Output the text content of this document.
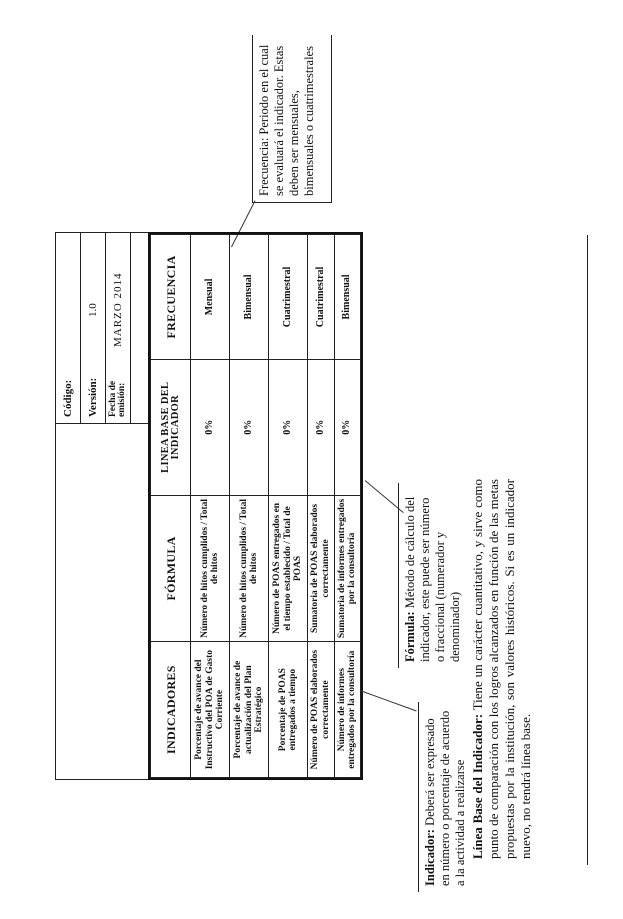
Frecuencia: Periodo en el cual se evaluará el indicador. Estas deben ser mensuales, bimensuales o cuatrimestrales
Código: Versión:
1.0
Fecha de emisión:
MARZO 2014
INDICADORES	FÓRMULA	LINEA BASE DEL INDICADOR	FRECUENCIA
Porcentaje de avance del Instructivo del POA de Gasto Corriente	Número de hitos cumplidos / Total de hitos	0%	Mensual
Porcentaje de avance de actualización del Plan Estratégico	Número de hitos cumplidos / Total de hitos	0%	Bimensual
Porcentaje de POAS entregados a tiempo	Número de POAS entregados en el tiempo establecido / Total de POAS	0%	Cuatrimestral
Número de POAS elaborados correctamente	Sumatoria de POAS elaborados correctamente	0%	Cuatrimestral
Número de informes entregados por la consultoría	Sumatoria de informes entregados por la consultoría	0%	Bimensual
Fórmula: Método de cálculo del indicador, este puede ser número o fraccional (numerador y denominador)
Indicador: Deberá ser expresado en número o porcentaje de acuerdo a la actividad a realizarse Línea Base del Indicador: Tiene un carácter cuantitativo, y sirve como punto de comparación con los logros alcanzados en función de las metas propuestas por la institución, son valores históricos. Si es un indicador nuevo, no tendrá línea base.
